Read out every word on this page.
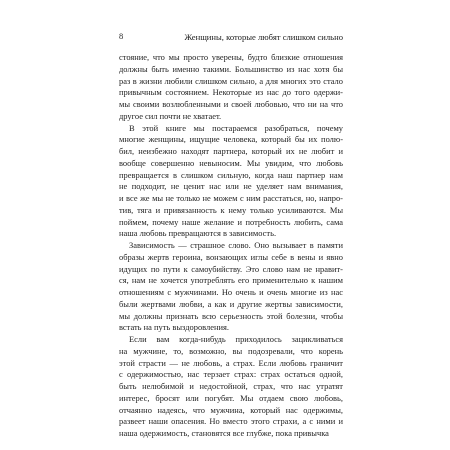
8	Женщины, которые любят слишком сильно
стояние, что мы просто уверены, будто близкие отношения
должны быть именно такими. Большинство из нас хотя бы
раз в жизни любили слишком сильно, а для многих это стало
привычным состоянием. Некоторые из нас до того одержи-
мы своими возлюбленными и своей любовью, что ни на что
другое сил почти не хватает.
В этой книге мы постараемся разобраться, почему
многие женщины, ищущие человека, который бы их полю-
бил, неизбежно находят партнера, который их не любит и
вообще совершенно невыносим. Мы увидим, что любовь
превращается в слишком сильную, когда наш партнер нам
не подходит, не ценит нас или не уделяет нам внимания,
и все же мы не только не можем с ним расстаться, но, напро-
тив, тяга и привязанность к нему только усиливаются. Мы
поймем, почему наше желание и потребность любить, сама
наша любовь превращаются в зависимость.
Зависимость — страшное слово. Оно вызывает в памяти
образы жертв героина, вонзающих иглы себе в вены и явно
идущих по пути к самоубийству. Это слово нам не нравит-
ся, нам не хочется употреблять его применительно к нашим
отношениям с мужчинами. Но очень и очень многие из нас
были жертвами любви, а как и другие жертвы зависимости,
мы должны признать всю серьезность этой болезни, чтобы
встать на путь выздоровления.
Если вам когда-нибудь приходилось зацикливаться
на мужчине, то, возможно, вы подозревали, что корень
этой страсти — не любовь, а страх. Если любовь граничит
с одержимостью, нас терзает страх: страх остаться одной,
быть нелюбимой и недостойной, страх, что нас утратят
интерес, бросят или погубят. Мы отдаем свою любовь,
отчаянно надеясь, что мужчина, который нас одержимы,
развеет наши опасения. Но вместо этого страхи, а с ними и
наша одержимость, становятся все глубже, пока привычка
